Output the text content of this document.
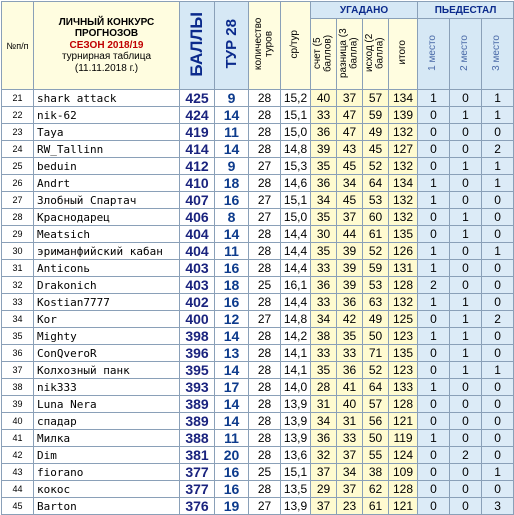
№п/п	ЛИЧНЫЙ КОНКУРС
ПРОГНОЗОВ
СЕЗОН 2018/19
турнирная таблица
(11.11.2018 г.)	БАЛЛЫ	ТУР 28	количество туров	ср/тур	УГАДАНО				ПЬЕДЕСТАЛ		
						счет (5 баллов)	разница (3 балла)	исход (2 балла)	итого	1 место	2 место	3 место
21	shark attack	425	9	28	15,2	40	37	57	134	1	0	1
22	nik-62	424	14	28	15,1	33	47	59	139	0	1	1
23	Taya	419	11	28	15,0	36	47	49	132	0	0	0
24	RW_Tallinn	414	14	28	14,8	39	43	45	127	0	0	2
25	beduin	412	9	27	15,3	35	45	52	132	0	1	1
26	Andrt	410	18	28	14,6	36	34	64	134	1	0	1
27	Злобный Спартач	407	16	27	15,1	34	45	53	132	1	0	0
28	Краснодарец	406	8	27	15,0	35	37	60	132	0	1	0
29	Meatsich	404	14	28	14,4	30	44	61	135	0	1	0
30	эриманфийский кабан	404	11	28	14,4	35	39	52	126	1	0	1
31	Anticonь	403	16	28	14,4	33	39	59	131	1	0	0
32	Drakonich	403	18	25	16,1	36	39	53	128	2	0	0
33	Kostian7777	402	16	28	14,4	33	36	63	132	1	1	0
34	Kor	400	12	27	14,8	34	42	49	125	0	1	2
35	Mighty	398	14	28	14,2	38	35	50	123	1	1	0
36	ConQveroR	396	13	28	14,1	33	33	71	135	0	1	0
37	Колхозный панк	395	14	28	14,1	35	36	52	123	0	1	1
38	nik333	393	17	28	14,0	28	41	64	133	1	0	0
39	Luna Nera	389	14	28	13,9	31	40	57	128	0	0	0
40	спадар	389	14	28	13,9	34	31	56	121	0	0	0
41	Милка	388	11	28	13,9	36	33	50	119	1	0	0
42	Dim	381	20	28	13,6	32	37	55	124	0	2	0
43	fiorano	377	16	25	15,1	37	34	38	109	0	0	1
44	кокос	377	16	28	13,5	29	37	62	128	0	0	0
45	Barton	376	19	27	13,9	37	23	61	121	0	0	3
